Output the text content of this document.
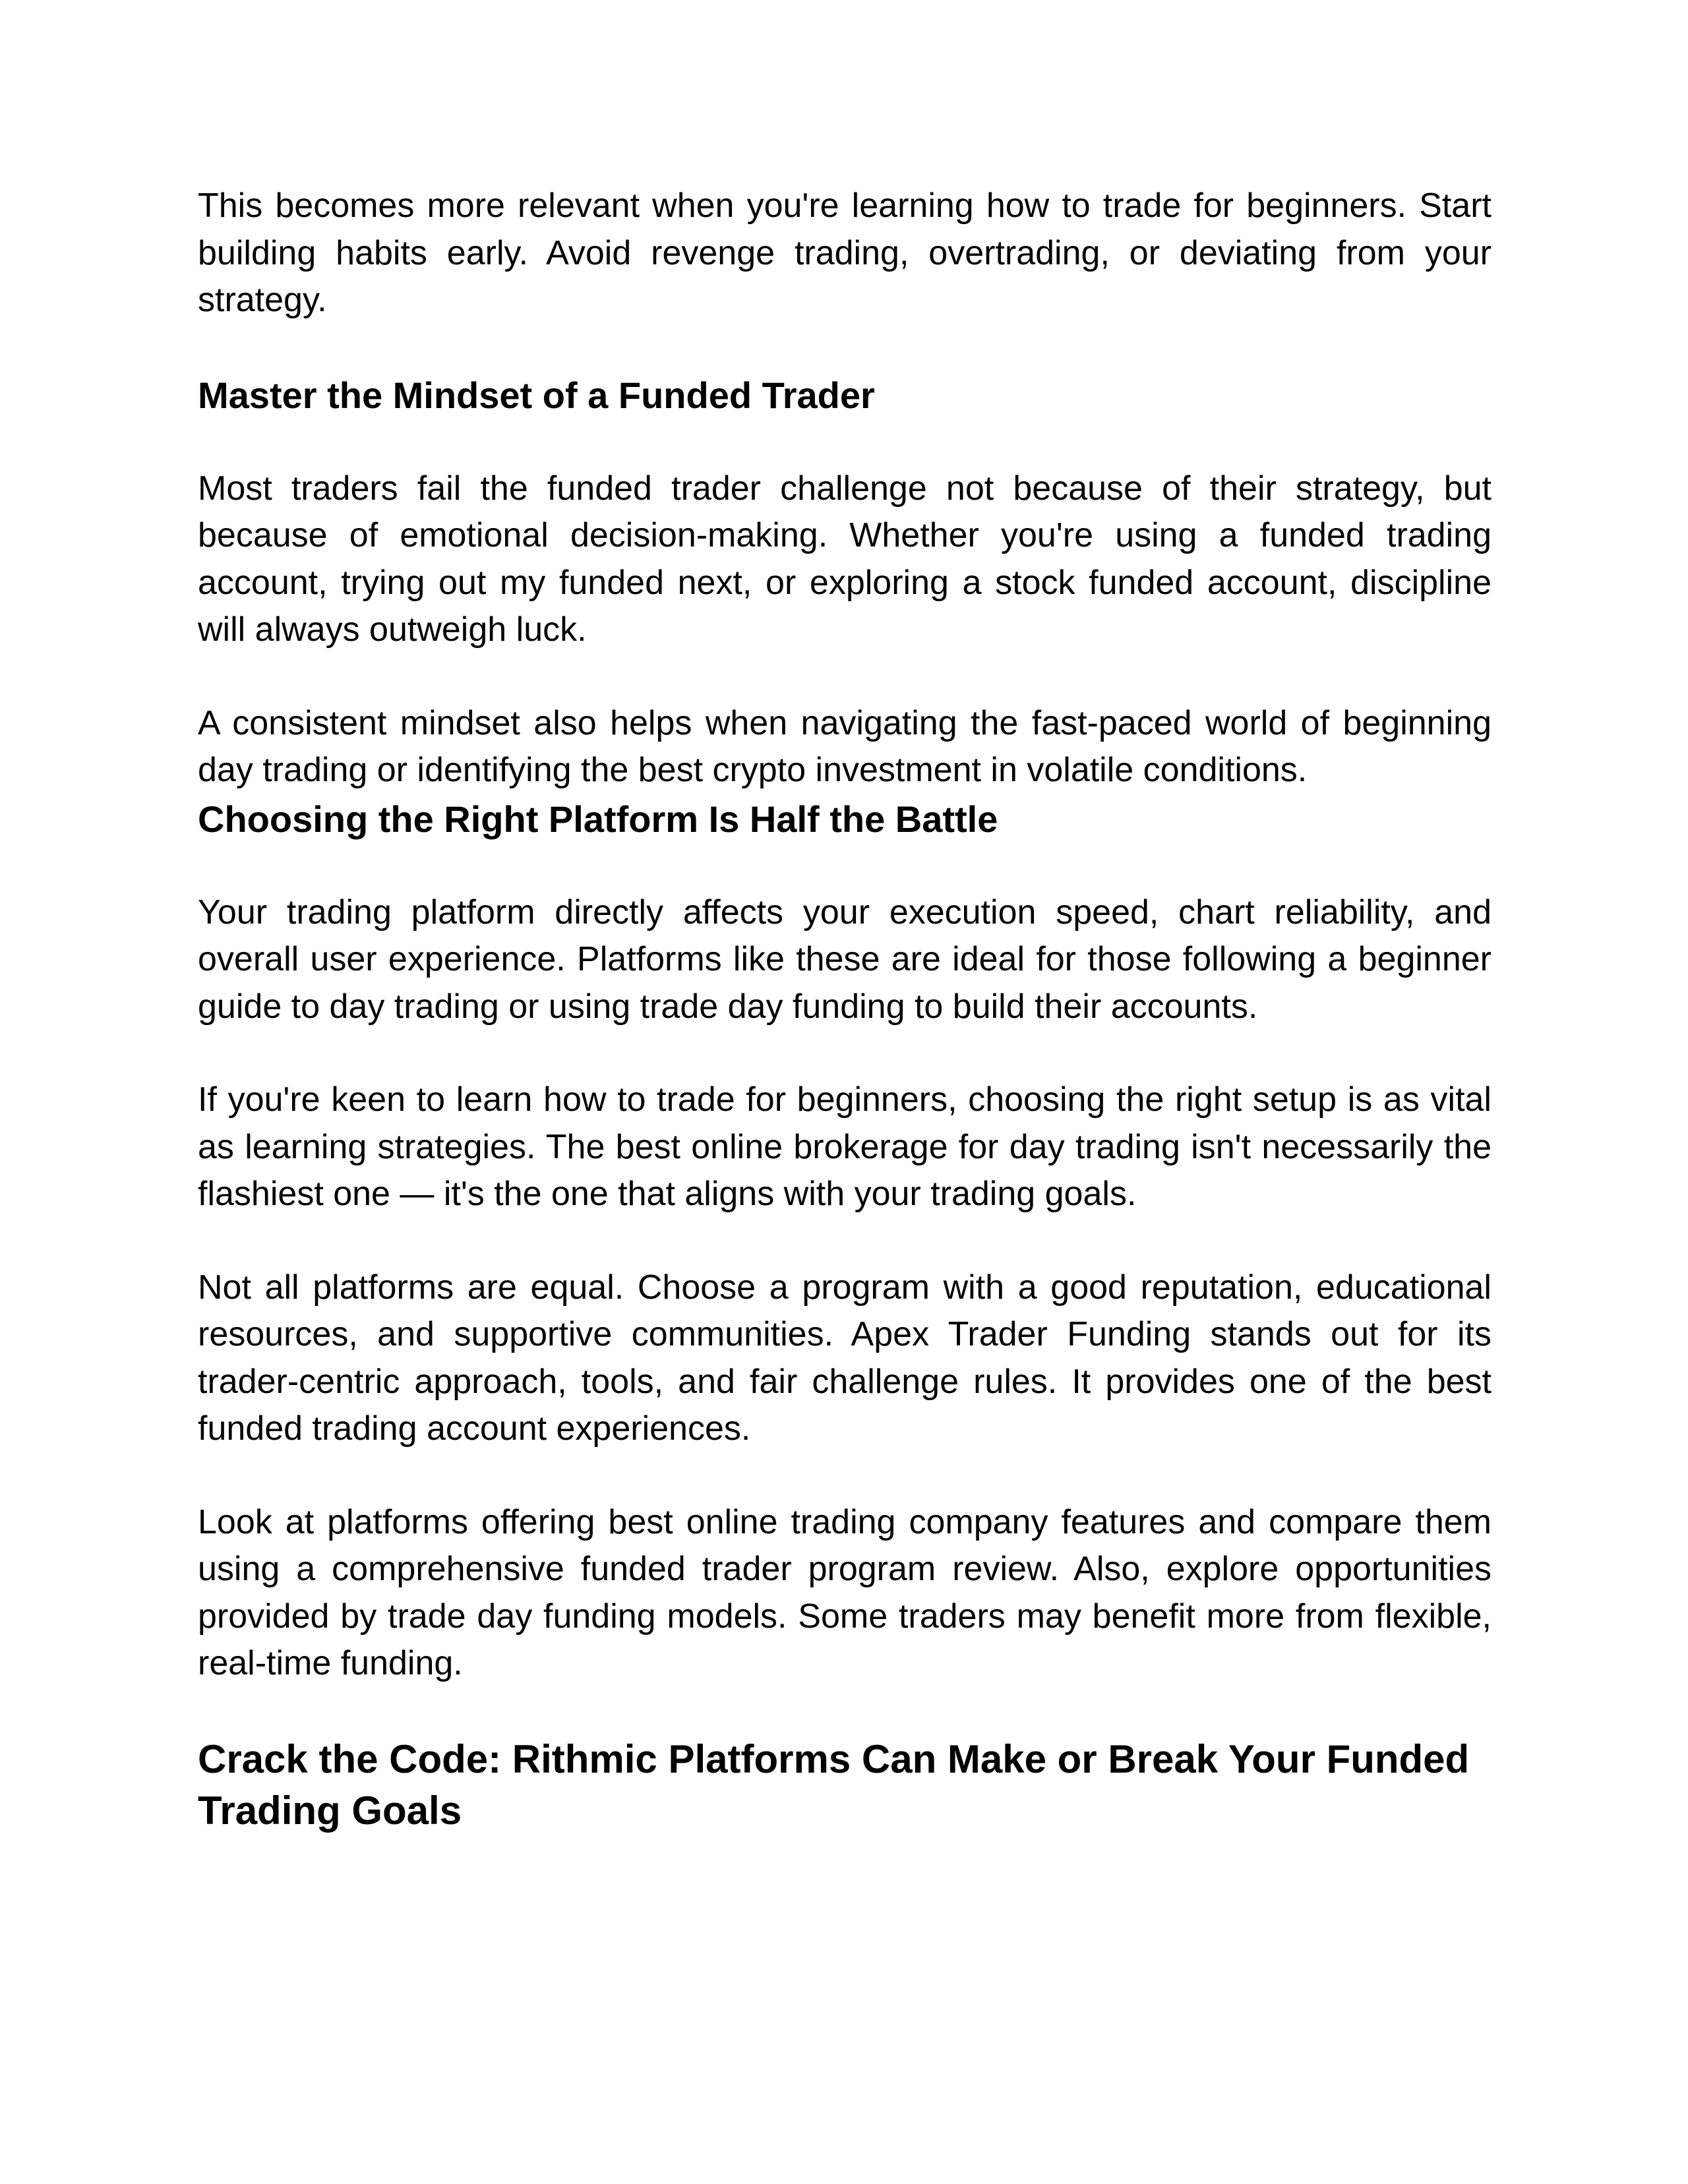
This becomes more relevant when you're learning how to trade for beginners. Start building habits early. Avoid revenge trading, overtrading, or deviating from your strategy.

Master the Mindset of a Funded Trader

Most traders fail the funded trader challenge not because of their strategy, but because of emotional decision-making. Whether you're using a funded trading account, trying out my funded next, or exploring a stock funded account, discipline will always outweigh luck.

A consistent mindset also helps when navigating the fast-paced world of beginning day trading or identifying the best crypto investment in volatile conditions.

Choosing the Right Platform Is Half the Battle

Your trading platform directly affects your execution speed, chart reliability, and overall user experience. Platforms like these are ideal for those following a beginner guide to day trading or using trade day funding to build their accounts.

If you're keen to learn how to trade for beginners, choosing the right setup is as vital as learning strategies. The best online brokerage for day trading isn't necessarily the flashiest one — it's the one that aligns with your trading goals.

Not all platforms are equal. Choose a program with a good reputation, educational resources, and supportive communities. Apex Trader Funding stands out for its trader-centric approach, tools, and fair challenge rules. It provides one of the best funded trading account experiences.

Look at platforms offering best online trading company features and compare them using a comprehensive funded trader program review. Also, explore opportunities provided by trade day funding models. Some traders may benefit more from flexible, real-time funding.

Crack the Code: Rithmic Platforms Can Make or Break Your Funded Trading Goals
